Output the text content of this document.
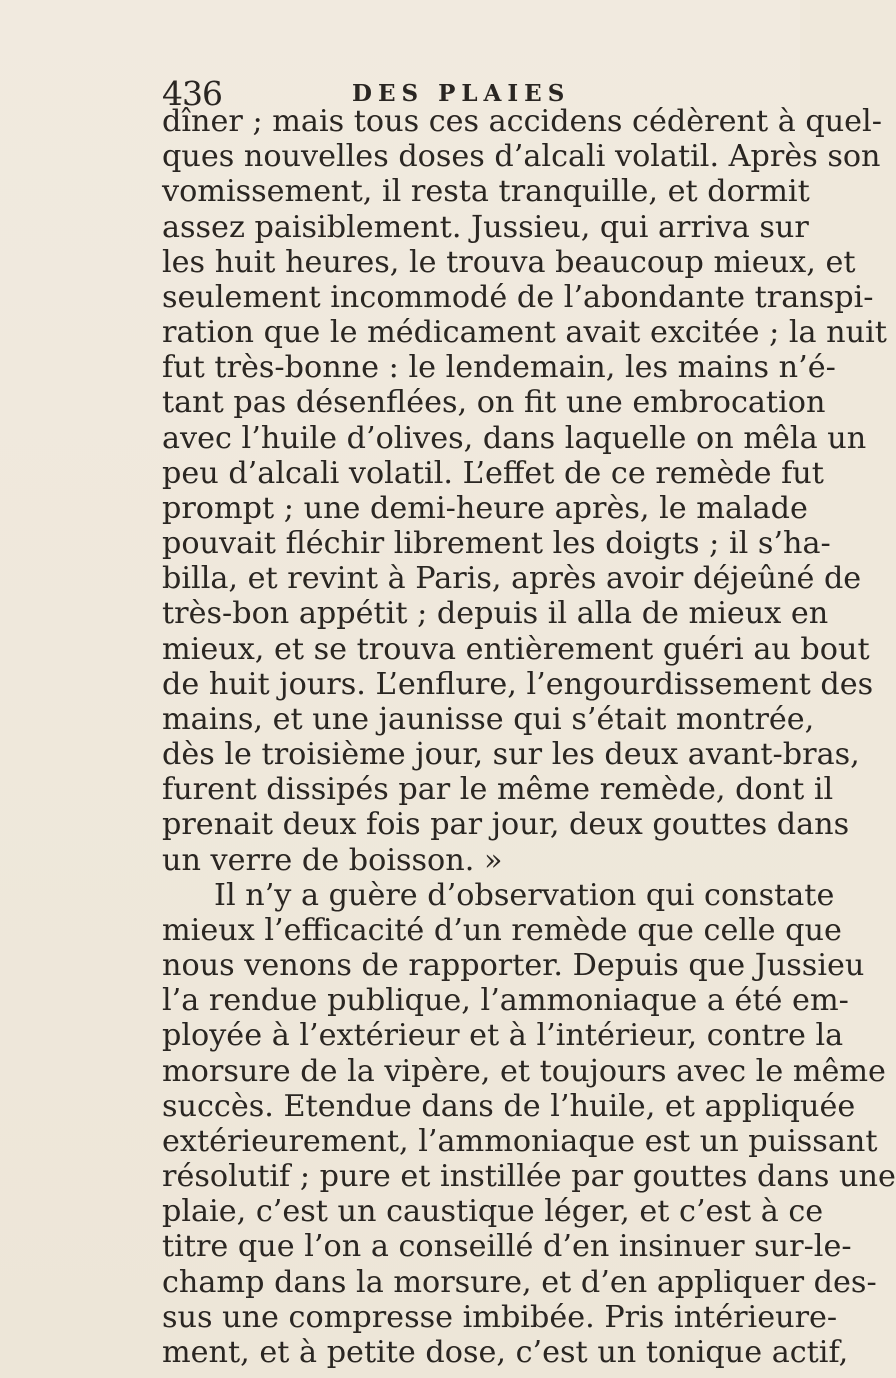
436	DES PLAIES
dîner ; mais tous ces accidens cédèrent à quel-
ques nouvelles doses d’alcali volatil. Après son
vomissement, il resta tranquille, et dormit
assez paisiblement. Jussieu, qui arriva sur
les huit heures, le trouva beaucoup mieux, et
seulement incommodé de l’abondante transpi-
ration que le médicament avait excitée ; la nuit
fut très-bonne : le lendemain, les mains n’é-
tant pas désenflées, on fit une embrocation
avec l’huile d’olives, dans laquelle on mêla un
peu d’alcali volatil. L’effet de ce remède fut
prompt ; une demi-heure après, le malade
pouvait fléchir librement les doigts ; il s’ha-
billa, et revint à Paris, après avoir déjeûné de
très-bon appétit ; depuis il alla de mieux en
mieux, et se trouva entièrement guéri au bout
de huit jours. L’enflure, l’engourdissement des
mains, et une jaunisse qui s’était montrée,
dès le troisième jour, sur les deux avant-bras,
furent dissipés par le même remède, dont il
prenait deux fois par jour, deux gouttes dans
un verre de boisson. »
Il n’y a guère d’observation qui constate
mieux l’efficacité d’un remède que celle que
nous venons de rapporter. Depuis que Jussieu
l’a rendue publique, l’ammoniaque a été em-
ployée à l’extérieur et à l’intérieur, contre la
morsure de la vipère, et toujours avec le même
succès. Etendue dans de l’huile, et appliquée
extérieurement, l’ammoniaque est un puissant
résolutif ; pure et instillée par gouttes dans une
plaie, c’est un caustique léger, et c’est à ce
titre que l’on a conseillé d’en insinuer sur-le-
champ dans la morsure, et d’en appliquer des-
sus une compresse imbibée. Pris intérieure-
ment, et à petite dose, c’est un tonique actif,
